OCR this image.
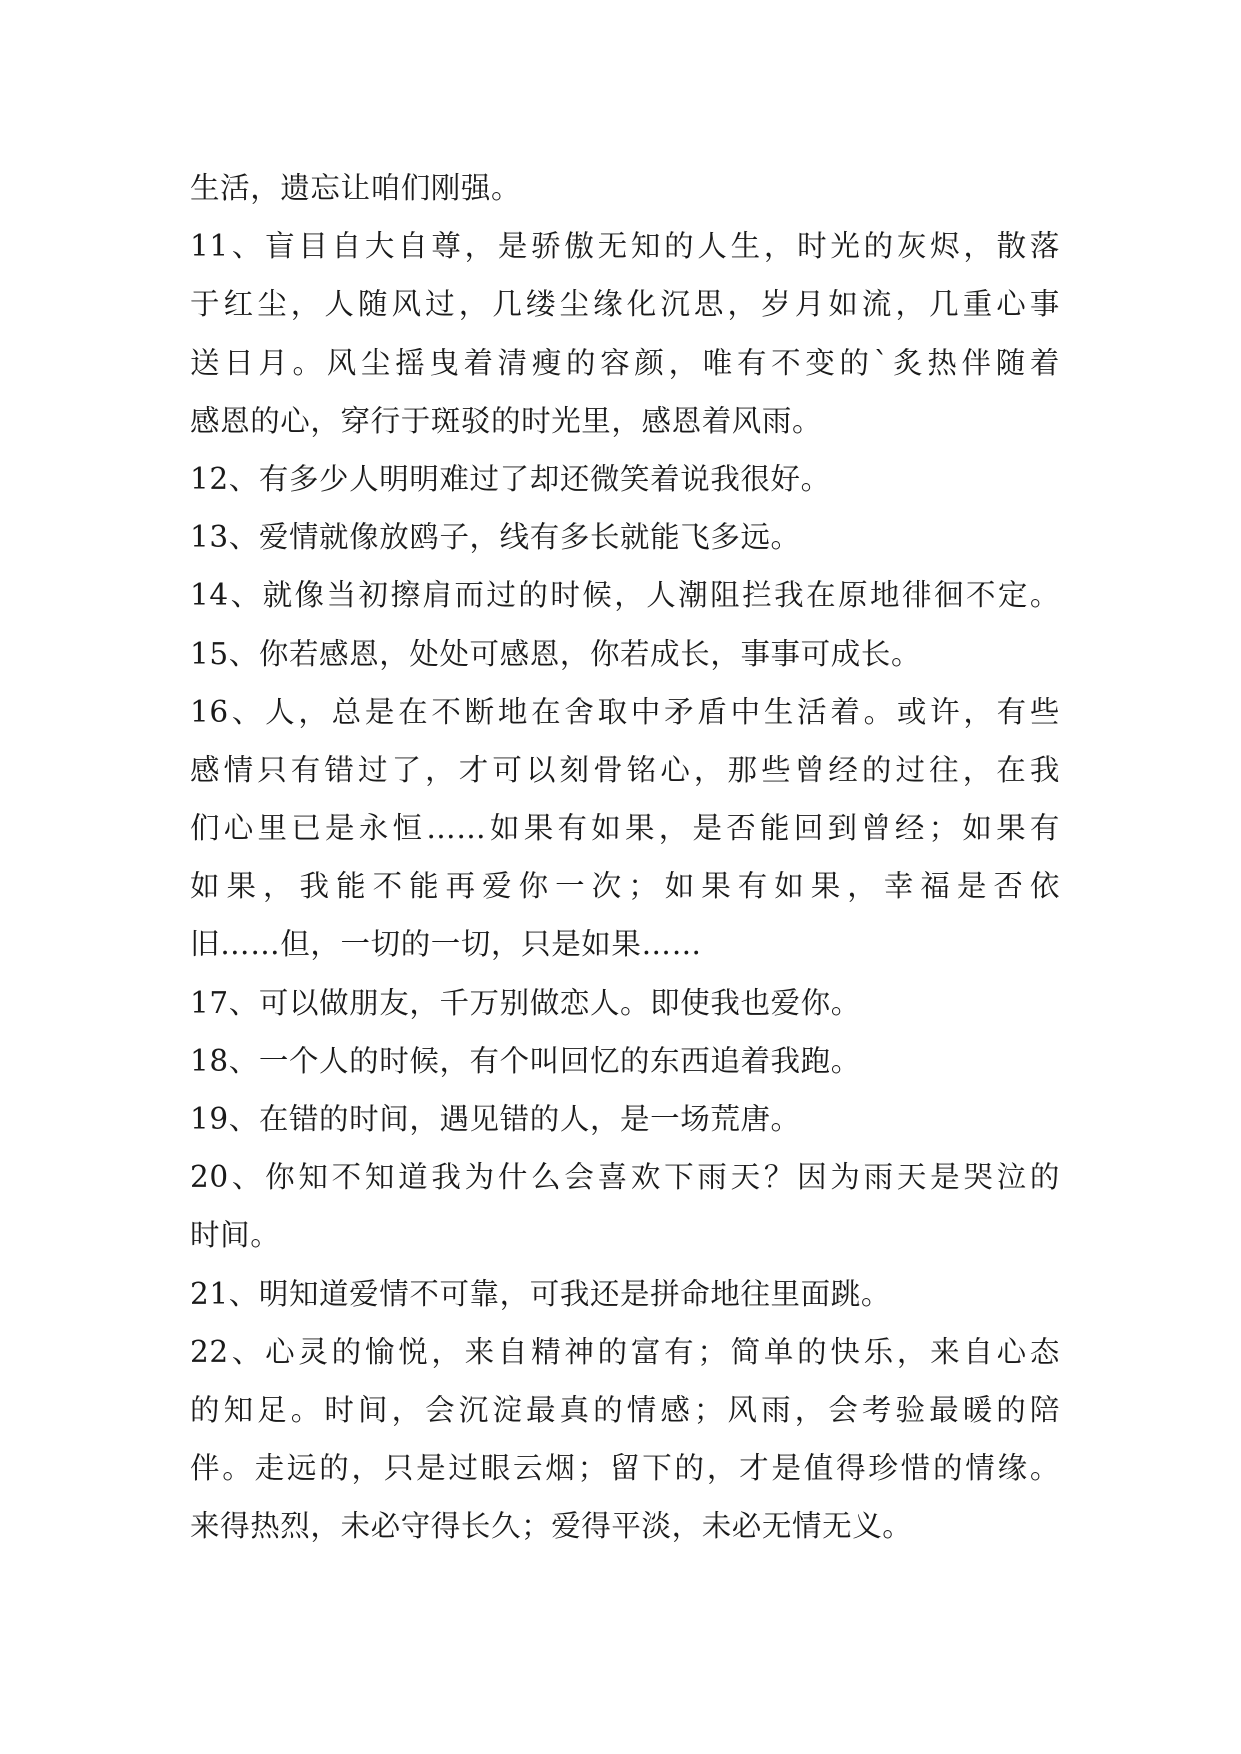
生活，遗忘让咱们刚强。
11、盲目自大自尊，是骄傲无知的人生，时光的灰烬，散落
于红尘，人随风过，几缕尘缘化沉思，岁月如流，几重心事
送日月。风尘摇曳着清瘦的容颜，唯有不变的`炙热伴随着
感恩的心，穿行于斑驳的时光里，感恩着风雨。
12、有多少人明明难过了却还微笑着说我很好。
13、爱情就像放鸥子，线有多长就能飞多远。
14、就像当初擦肩而过的时候，人潮阻拦我在原地徘徊不定。
15、你若感恩，处处可感恩，你若成长，事事可成长。
16、人，总是在不断地在舍取中矛盾中生活着。或许，有些
感情只有错过了，才可以刻骨铭心，那些曾经的过往，在我
们心里已是永恒……如果有如果，是否能回到曾经；如果有
如果，我能不能再爱你一次；如果有如果，幸福是否依
旧……但，一切的一切，只是如果……
17、可以做朋友，千万别做恋人。即使我也爱你。
18、一个人的时候，有个叫回忆的东西追着我跑。
19、在错的时间，遇见错的人，是一场荒唐。
20、你知不知道我为什么会喜欢下雨天？因为雨天是哭泣的
时间。
21、明知道爱情不可靠，可我还是拼命地往里面跳。
22、心灵的愉悦，来自精神的富有；简单的快乐，来自心态
的知足。时间，会沉淀最真的情感；风雨，会考验最暖的陪
伴。走远的，只是过眼云烟；留下的，才是值得珍惜的情缘。
来得热烈，未必守得长久；爱得平淡，未必无情无义。
